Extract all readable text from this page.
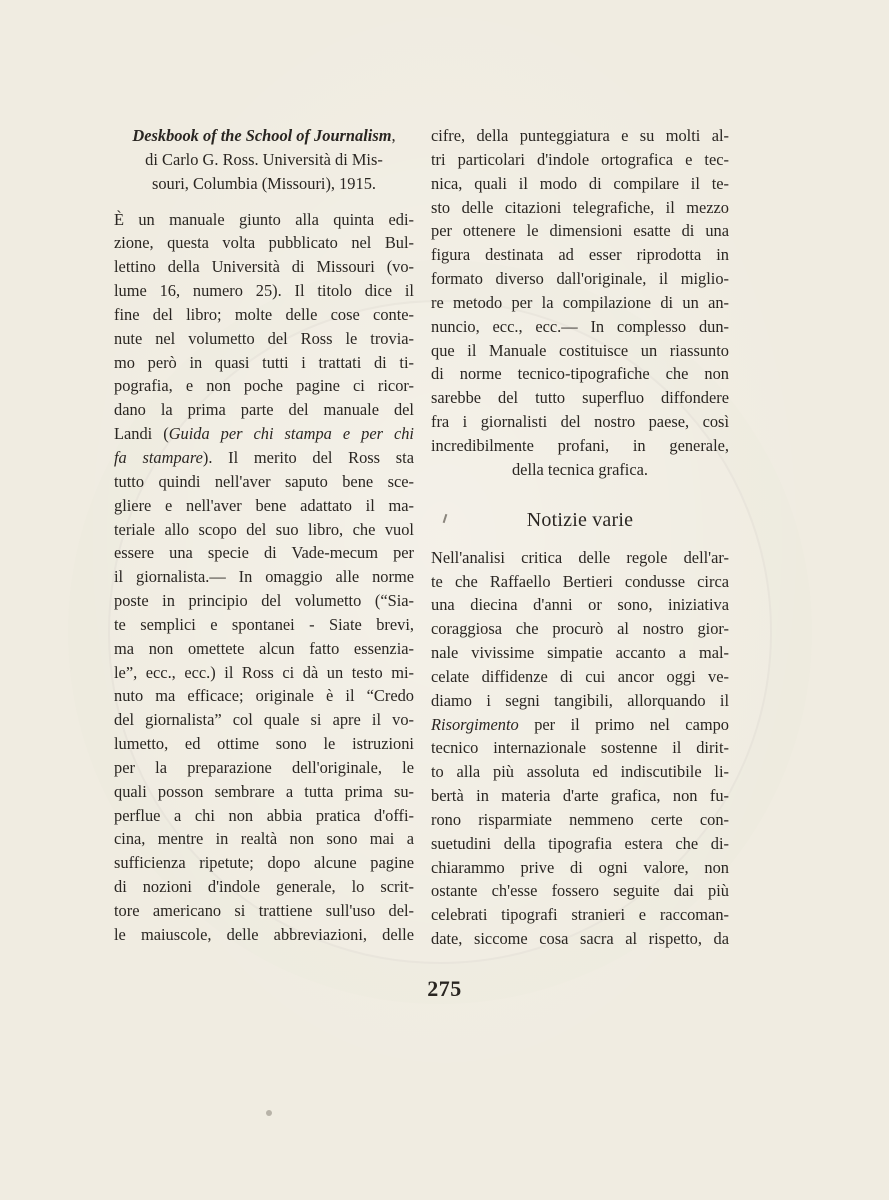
Deskbook of the School of Journalism,
di Carlo G. Ross. Università di Mis-
souri, Columbia (Missouri), 1915.
È un manuale giunto alla quinta edi-
zione, questa volta pubblicato nel Bul-
lettino della Università di Missouri (vo-
lume 16, numero 25). Il titolo dice il
fine del libro; molte delle cose conte-
nute nel volumetto del Ross le troviа-
mo però in quasi tutti i trattati di ti-
pografia, e non poche pagine ci ricor-
dano la prima parte del manuale del
Landi (Guida per chi stampa e per chi
fa stampare). Il merito del Ross sta
tutto quindi nell'aver saputo bene sce-
gliere e nell'aver bene adattato il ma-
teriale allo scopo del suo libro, che vuol
essere una specie di Vade-mecum per
il giornalista.— In omaggio alle norme
poste in principio del volumetto (“Sia-
te semplici e spontanei - Siate brevi,
ma non omettete alcun fatto essenzia-
le”, ecc., ecc.) il Ross ci dà un testo mi-
nuto ma efficace; originale è il “Credo
del giornalista” col quale si apre il vo-
lumetto, ed ottime sono le istruzioni
per la preparazione dell'originale, le
quali posson sembrare a tutta prima su-
perflue a chi non abbia pratica d'offi-
cina, mentre in realtà non sono mai a
sufficienza ripetute; dopo alcune pagine
di nozioni d'indole generale, lo scrit-
tore americano si trattiene sull'uso del-
le maiuscole, delle abbreviazioni, delle
cifre, della punteggiatura e su molti al-
tri particolari d'indole ortografica e tec-
nica, quali il modo di compilare il te-
sto delle citazioni telegrafiche, il mezzo
per ottenere le dimensioni esatte di una
figura destinata ad esser riprodotta in
formato diverso dall'originale, il miglio-
re metodo per la compilazione di un an-
nuncio, ecc., ecc.— In complesso dun-
que il Manuale costituisce un riassunto
di norme tecnico-tipografiche che non
sarebbe del tutto superfluo diffondere
fra i giornalisti del nostro paese, così
incredibilmente profani, in generale,
della tecnica grafica.
Notizie varie
Nell'analisi critica delle regole dell'ar-
te che Raffaello Bertieri condusse circa
una diecina d'anni or sono, iniziativa
coraggiosa che procurò al nostro gior-
nale vivissime simpatie accanto a mal-
celate diffidenze di cui ancor oggi ve-
diamo i segni tangibili, allorquando il
Risorgimento per il primo nel campo
tecnico internazionale sostenne il dirit-
to alla più assoluta ed indiscutibile li-
bertà in materia d'arte grafica, non fu-
rono risparmiate nemmeno certe con-
suetudini della tipografia estera che di-
chiarammo prive di ogni valore, non
ostante ch'esse fossero seguite dai più
celebrati tipografi stranieri e raccoman-
date, siccome cosa sacra al rispetto, da
275
